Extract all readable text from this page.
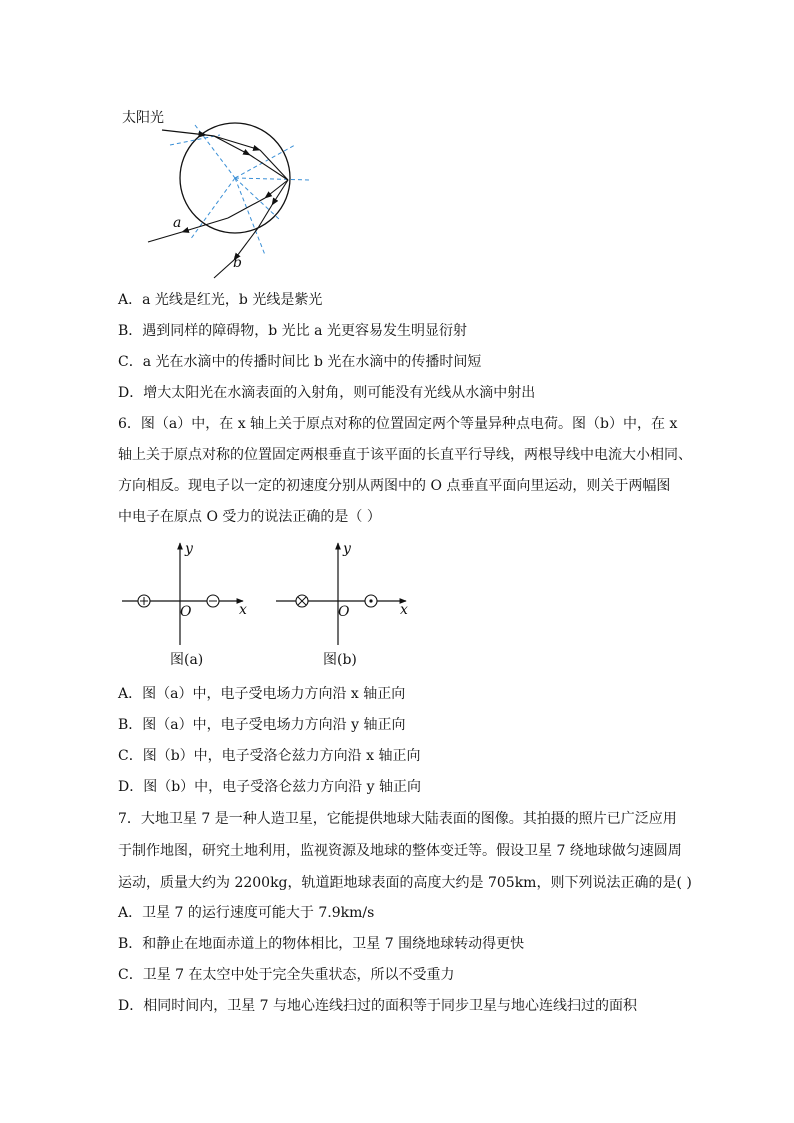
太阳光
a
b
A．a 光线是红光，b 光线是紫光
B．遇到同样的障碍物，b 光比 a 光更容易发生明显衍射
C．a 光在水滴中的传播时间比 b 光在水滴中的传播时间短
D．增大太阳光在水滴表面的入射角，则可能没有光线从水滴中射出
6．图（a）中，在 x 轴上关于原点对称的位置固定两个等量异种点电荷。图（b）中，在 x
轴上关于原点对称的位置固定两根垂直于该平面的长直平行导线，两根导线中电流大小相同、
方向相反。现电子以一定的初速度分别从两图中的 O 点垂直平面向里运动，则关于两幅图
中电子在原点 O 受力的说法正确的是（ ）
y
x
O
图(a)
y
x
O
图(b)
A．图（a）中，电子受电场力方向沿 x 轴正向
B．图（a）中，电子受电场力方向沿 y 轴正向
C．图（b）中，电子受洛仑兹力方向沿 x 轴正向
D．图（b）中，电子受洛仑兹力方向沿 y 轴正向
7．大地卫星 7 是一种人造卫星，它能提供地球大陆表面的图像。其拍摄的照片已广泛应用
于制作地图，研究土地利用，监视资源及地球的整体变迁等。假设卫星 7 绕地球做匀速圆周
运动，质量大约为 2200kg，轨道距地球表面的高度大约是 705km，则下列说法正确的是( )
A．卫星 7 的运行速度可能大于 7.9km/s
B．和静止在地面赤道上的物体相比，卫星 7 围绕地球转动得更快
C．卫星 7 在太空中处于完全失重状态，所以不受重力
D．相同时间内，卫星 7 与地心连线扫过的面积等于同步卫星与地心连线扫过的面积
